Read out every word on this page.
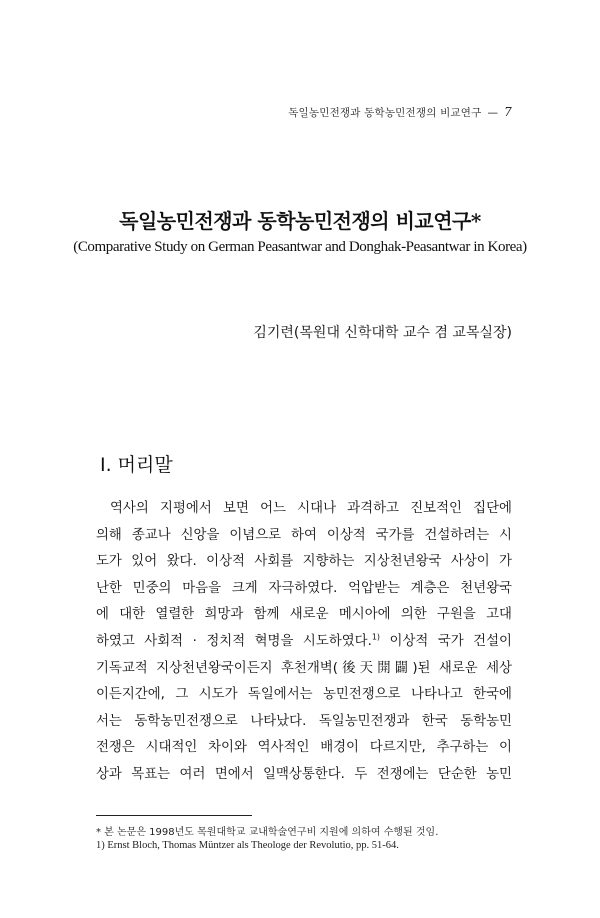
독일농민전쟁과 동학농민전쟁의 비교연구 — 7
독일농민전쟁과 동학농민전쟁의 비교연구*
(Comparative Study on German Peasantwar and Donghak-Peasantwar in Korea)
김기련(목원대 신학대학 교수 겸 교목실장)
I. 머리말
역사의 지평에서 보면 어느 시대나 과격하고 진보적인 집단에
의해 종교나 신앙을 이념으로 하여 이상적 국가를 건설하려는 시
도가 있어 왔다. 이상적 사회를 지향하는 지상천년왕국 사상이 가
난한 민중의 마음을 크게 자극하였다. 억압받는 계층은 천년왕국
에 대한 열렬한 희망과 함께 새로운 메시아에 의한 구원을 고대
하였고 사회적 · 정치적 혁명을 시도하였다.$^{1)}$ 이상적 국가 건설이
기독교적 지상천년왕국이든지 후천개벽(後天開闢)된 새로운 세상
이든지간에, 그 시도가 독일에서는 농민전쟁으로 나타나고 한국에
서는 동학농민전쟁으로 나타났다. 독일농민전쟁과 한국 동학농민
전쟁은 시대적인 차이와 역사적인 배경이 다르지만, 추구하는 이
상과 목표는 여러 면에서 일맥상통한다. 두 전쟁에는 단순한 농민
* 본 논문은 1998년도 목원대학교 교내학술연구비 지원에 의하여 수행된 것임.
1) Ernst Bloch, Thomas Müntzer als Theologe der Revolutio, pp. 51-64.
